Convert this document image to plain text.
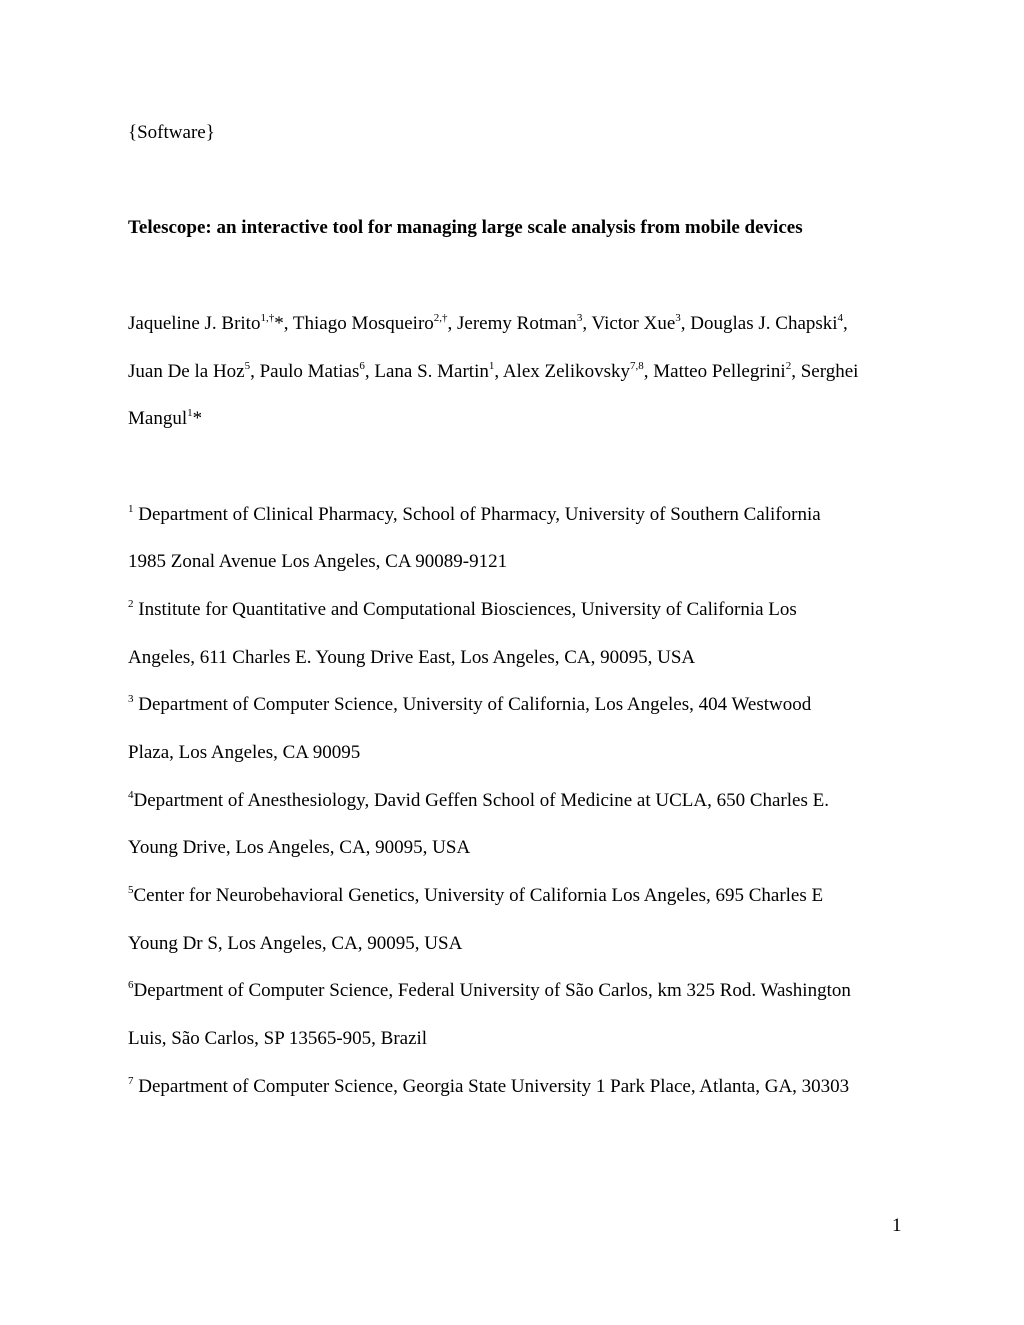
{Software}
Telescope: an interactive tool for managing large scale analysis from mobile devices
Jaqueline J. Brito$^{1,\dagger}$*, Thiago Mosqueiro$^{2,\dagger}$, Jeremy Rotman$^3$, Victor Xue$^3$, Douglas J. Chapski$^4$,
Juan De la Hoz$^5$, Paulo Matias$^6$, Lana S. Martin$^1$, Alex Zelikovsky$^{7,8}$, Matteo Pellegrini$^2$, Serghei
Mangul$^1$*
$^1$ Department of Clinical Pharmacy, School of Pharmacy, University of Southern California
1985 Zonal Avenue Los Angeles, CA 90089-9121
$^2$ Institute for Quantitative and Computational Biosciences, University of California Los
Angeles, 611 Charles E. Young Drive East, Los Angeles, CA, 90095, USA
$^3$ Department of Computer Science, University of California, Los Angeles, 404 Westwood
Plaza, Los Angeles, CA 90095
$^4$Department of Anesthesiology, David Geffen School of Medicine at UCLA, 650 Charles E.
Young Drive, Los Angeles, CA, 90095, USA
$^5$Center for Neurobehavioral Genetics, University of California Los Angeles, 695 Charles E
Young Dr S, Los Angeles, CA, 90095, USA
$^6$Department of Computer Science, Federal University of São Carlos, km 325 Rod. Washington
Luis, São Carlos, SP 13565-905, Brazil
$^7$ Department of Computer Science, Georgia State University 1 Park Place, Atlanta, GA, 30303
1
